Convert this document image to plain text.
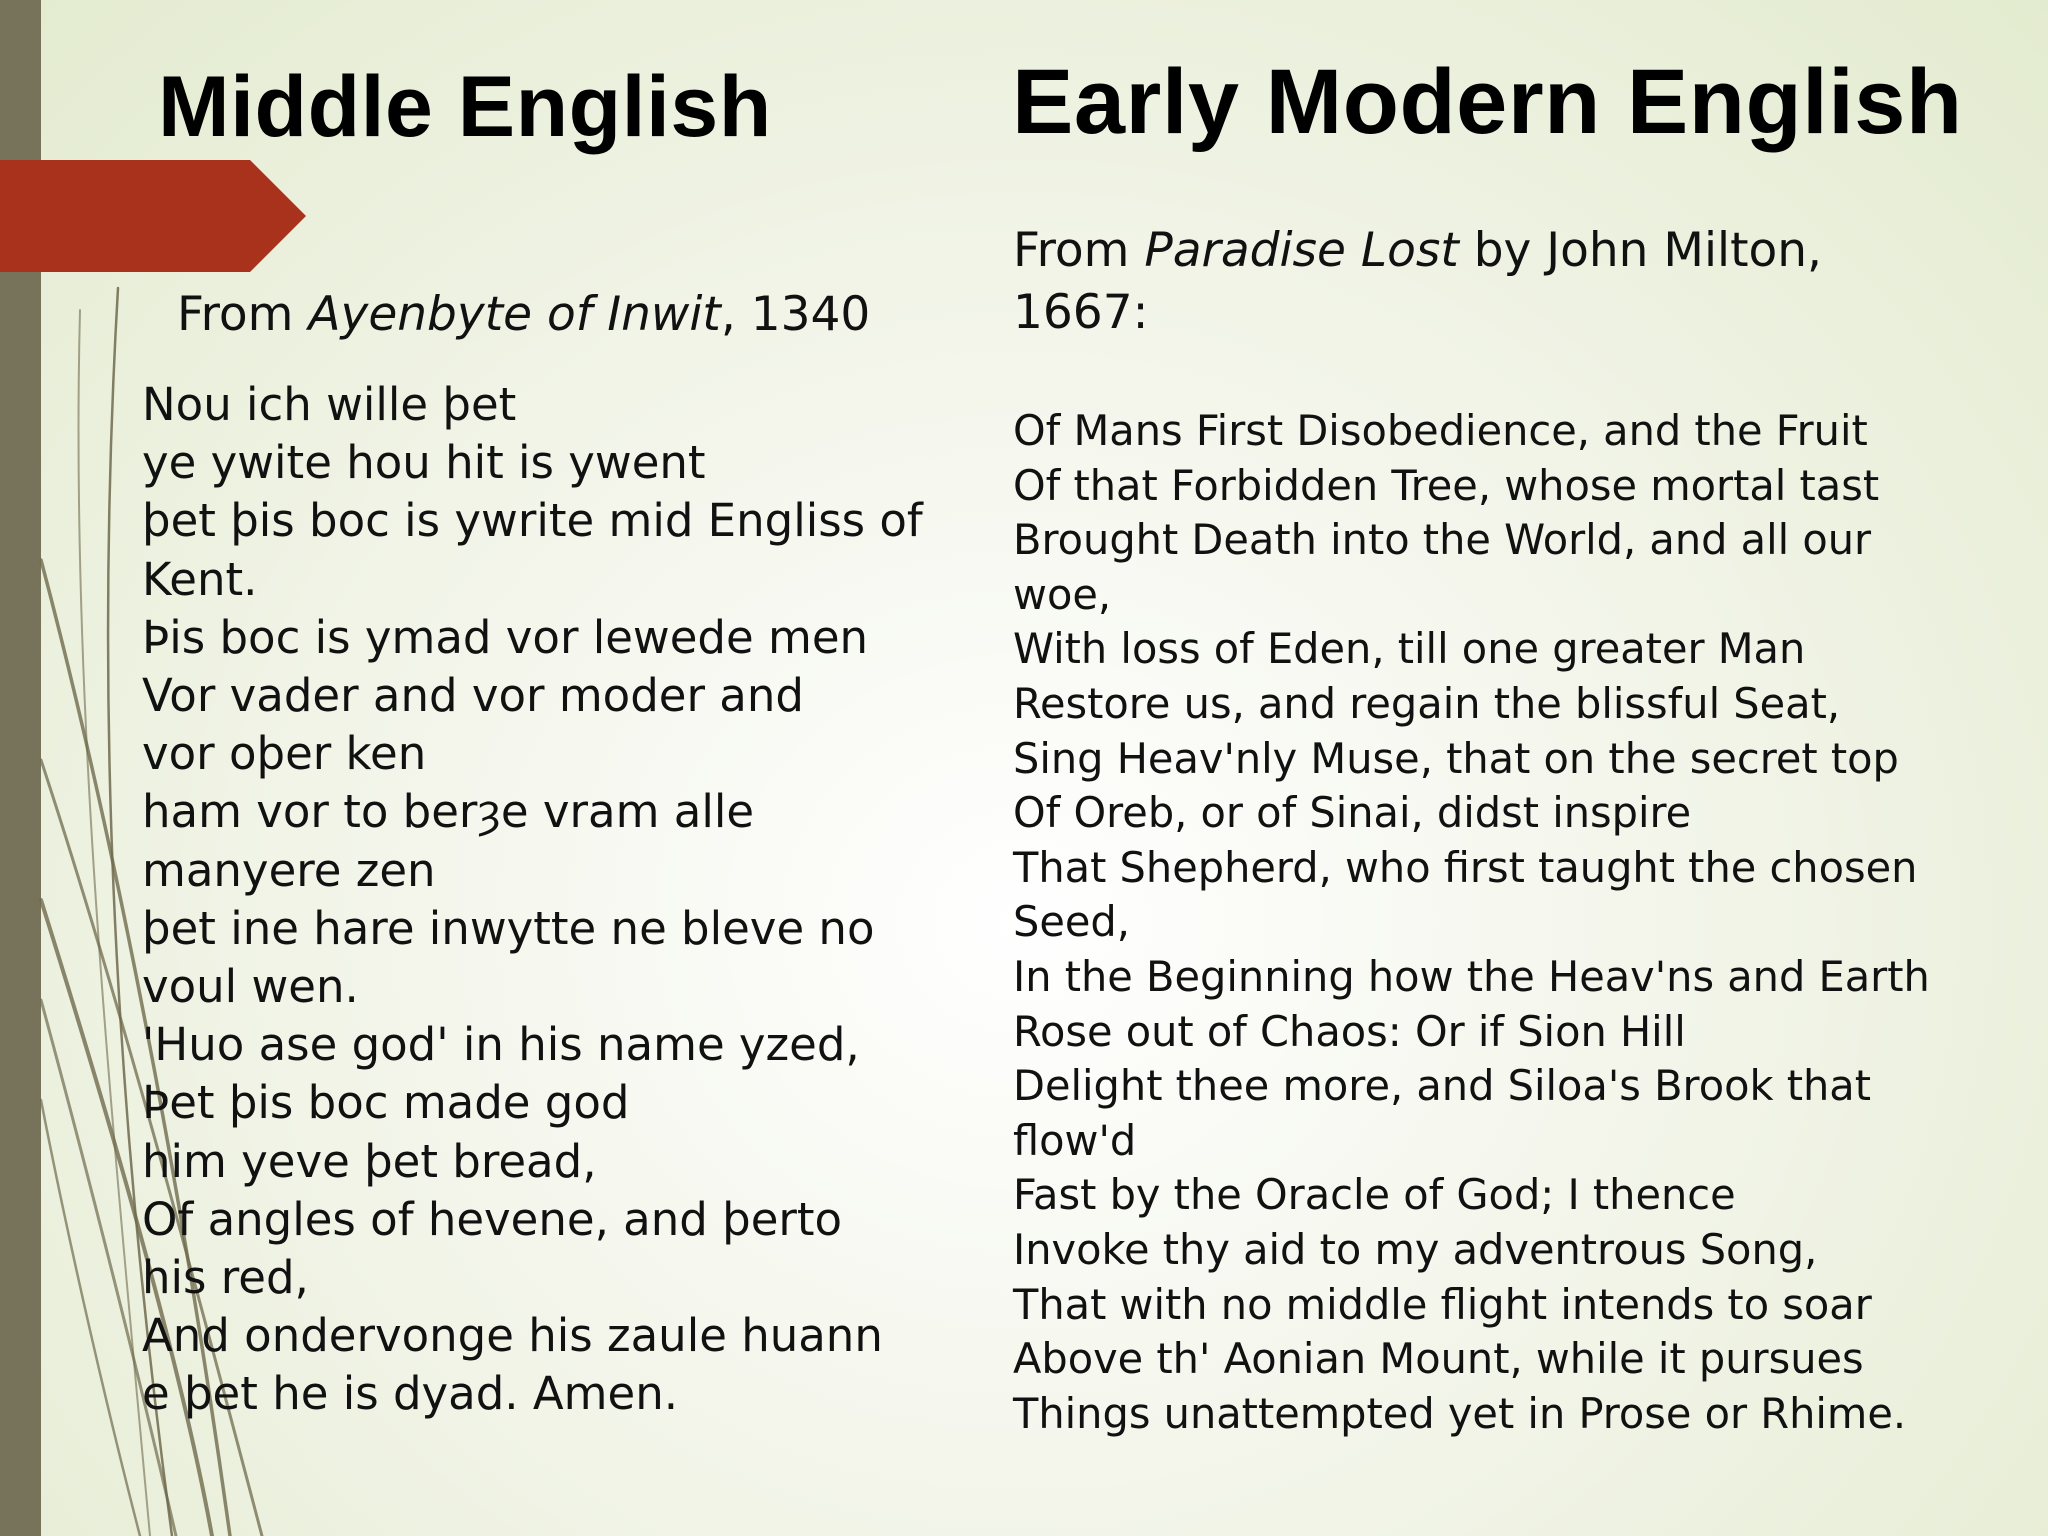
Middle English

From Ayenbyte of Inwit, 1340

Nou ich wille þet
ye ywite hou hit is ywent
þet þis boc is ywrite mid Engliss of
Kent.
Þis boc is ymad vor lewede men
Vor vader and vor moder and
vor oþer ken
ham vor to berȝe vram alle
manyere zen
þet ine hare inwytte ne bleve no
voul wen.
'Huo ase god' in his name yzed,
Þet þis boc made god
him yeve þet bread,
Of angles of hevene, and þerto
his red,
And ondervonge his zaule huann
e þet he is dyad. Amen.
Early Modern English

From Paradise Lost by John Milton, 1667:

Of Mans First Disobedience, and the Fruit
Of that Forbidden Tree, whose mortal tast
Brought Death into the World, and all our
woe,
With loss of Eden, till one greater Man
Restore us, and regain the blissful Seat,
Sing Heav'nly Muse, that on the secret top
Of Oreb, or of Sinai, didst inspire
That Shepherd, who first taught the chosen
Seed,
In the Beginning how the Heav'ns and Earth
Rose out of Chaos: Or if Sion Hill
Delight thee more, and Siloa's Brook that
flow'd
Fast by the Oracle of God; I thence
Invoke thy aid to my adventrous Song,
That with no middle flight intends to soar
Above th' Aonian Mount, while it pursues
Things unattempted yet in Prose or Rhime.
